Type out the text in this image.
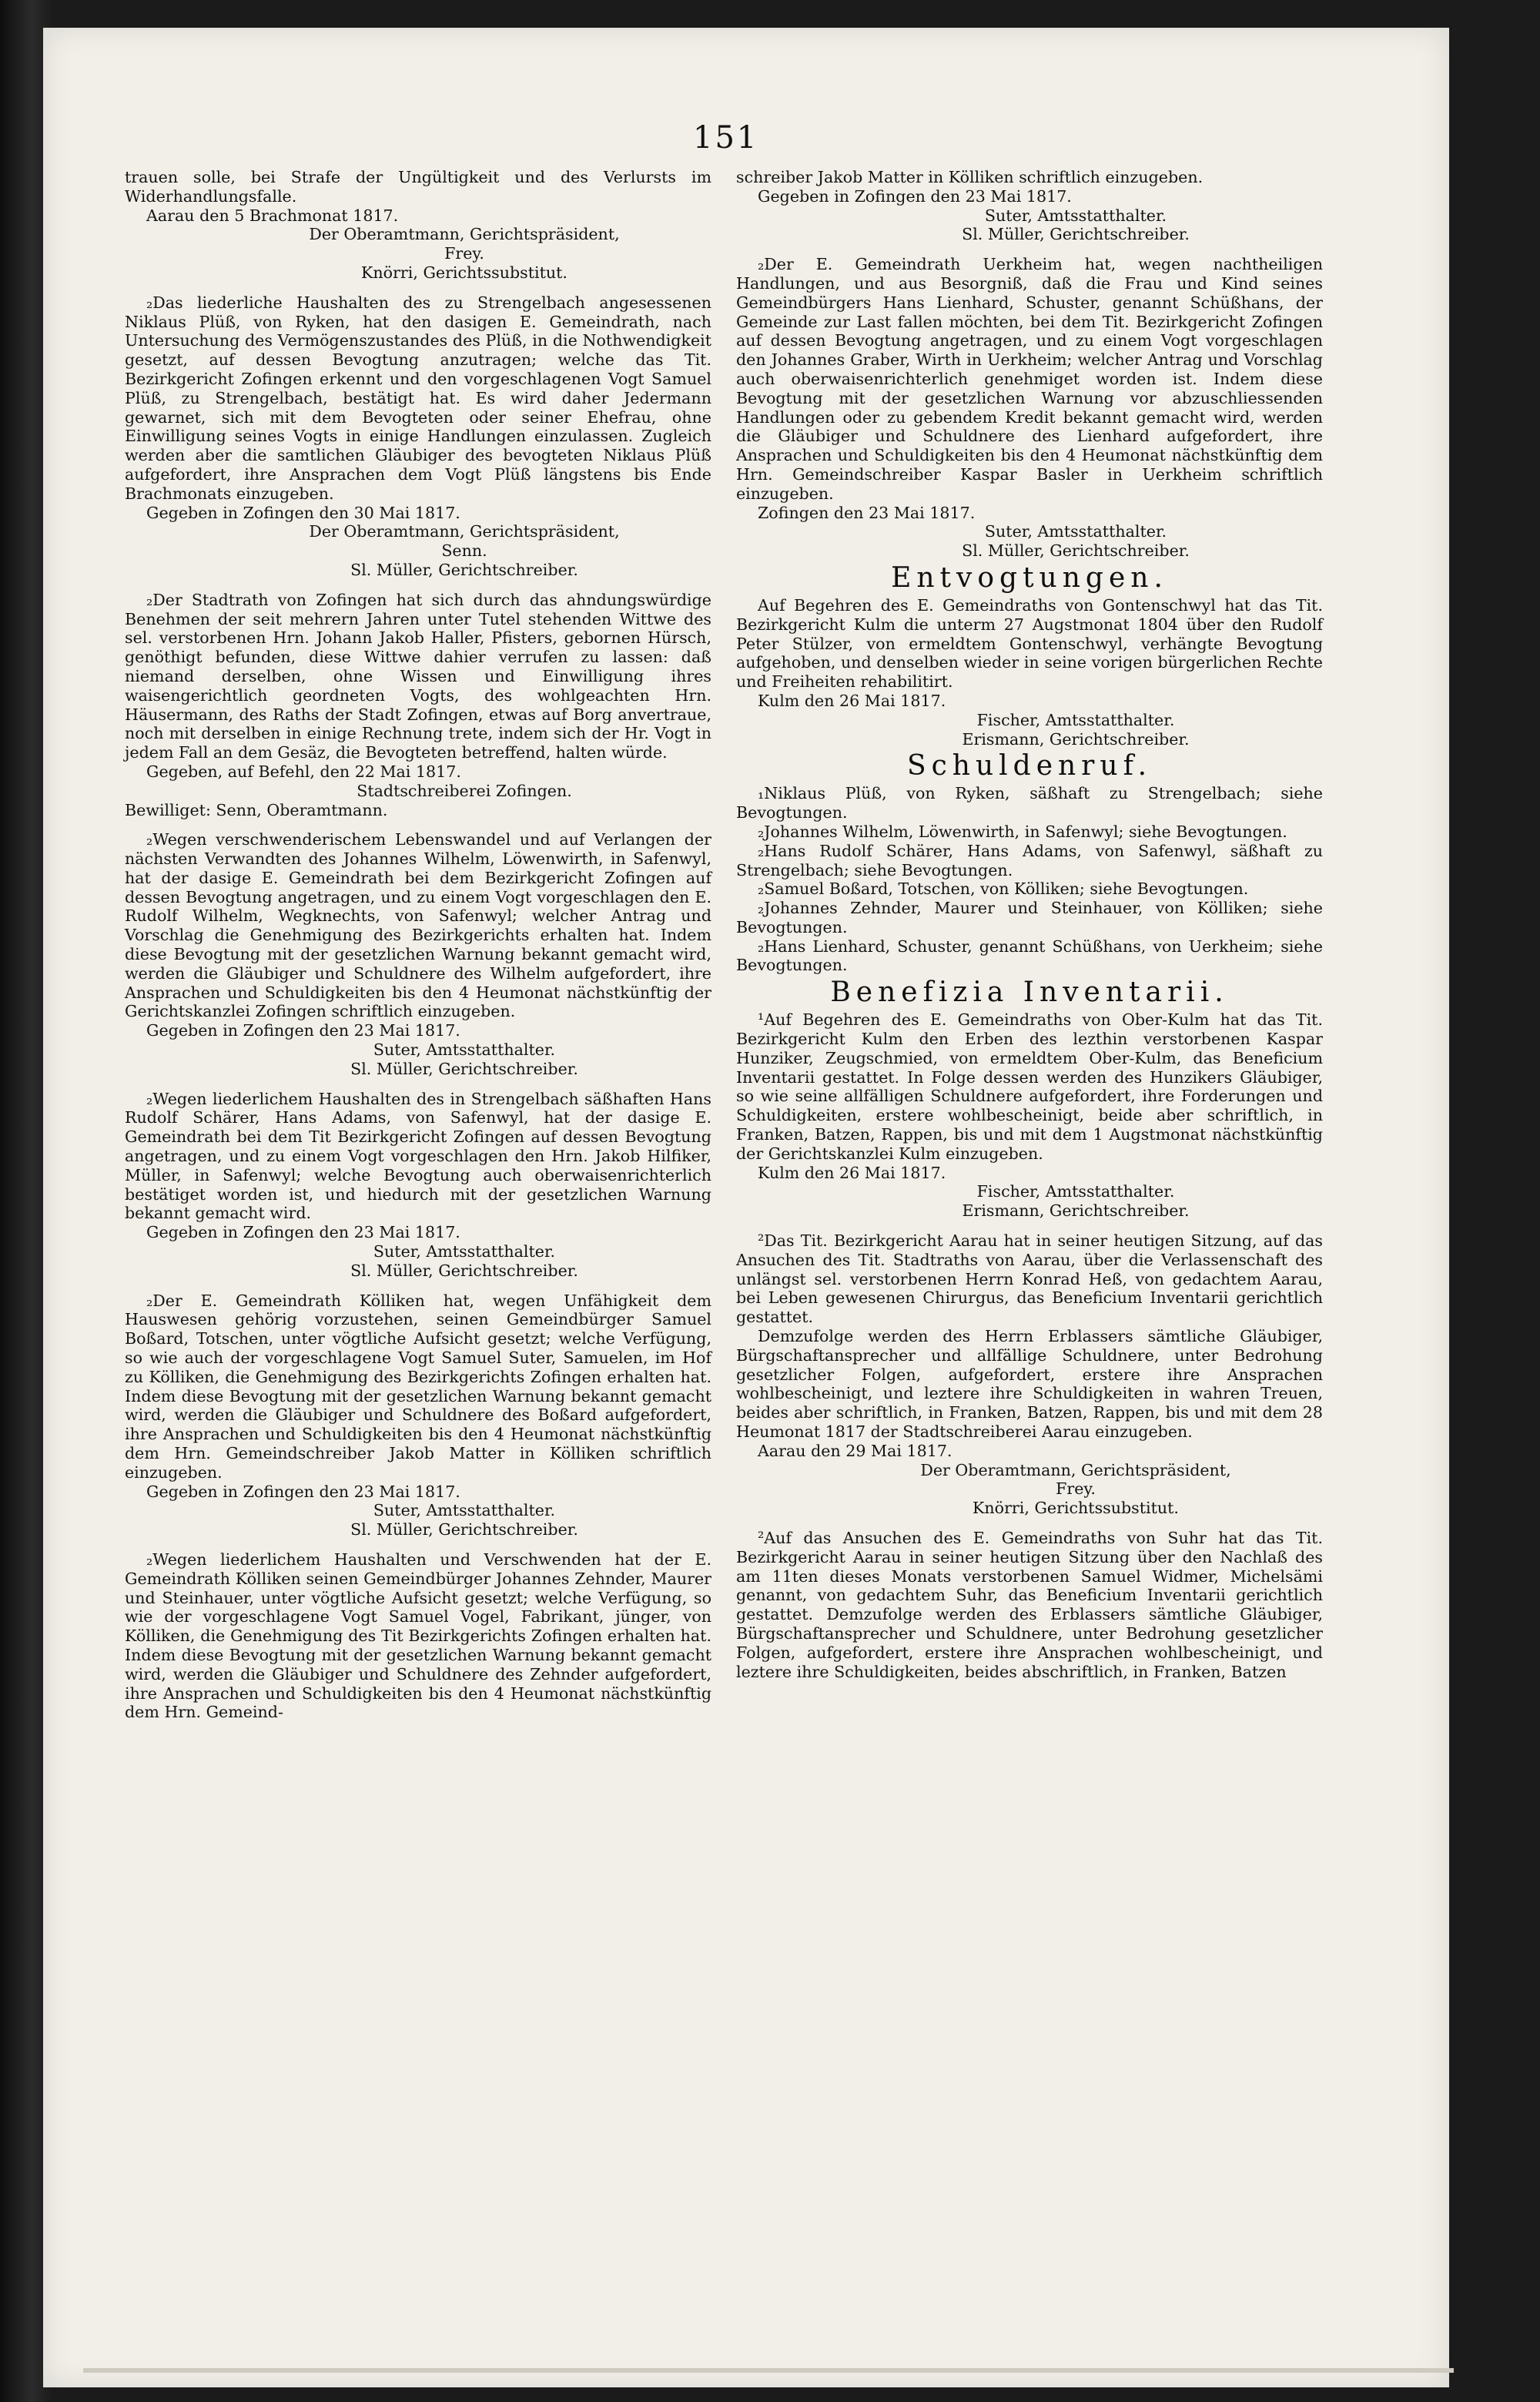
151

trauen solle, bei Strafe der Ungültigkeit und des Verlursts im Widerhandlungsfalle.

Aarau den 5 Brachmonat 1817.

Der Oberamtmann, Gerichtspräsident,

Frey.

Knörri, Gerichtssubstitut.

₂Das liederliche Haushalten des zu Strengelbach angesessenen Niklaus Plüß, von Ryken, hat den dasigen E. Gemeindrath, nach Untersuchung des Vermögenszustandes des Plüß, in die Nothwendigkeit gesetzt, auf dessen Bevogtung anzutragen; welche das Tit. Bezirkgericht Zofingen erkennt und den vorgeschlagenen Vogt Samuel Plüß, zu Strengelbach, bestätigt hat. Es wird daher Jedermann gewarnet, sich mit dem Bevogteten oder seiner Ehefrau, ohne Einwilligung seines Vogts in einige Handlungen einzulassen. Zugleich werden aber die samtlichen Gläubiger des bevogteten Niklaus Plüß aufgefordert, ihre Ansprachen dem Vogt Plüß längstens bis Ende Brachmonats einzugeben.

Gegeben in Zofingen den 30 Mai 1817.

Der Oberamtmann, Gerichtspräsident,

Senn.

Sl. Müller, Gerichtschreiber.

₂Der Stadtrath von Zofingen hat sich durch das ahndungswürdige Benehmen der seit mehrern Jahren unter Tutel stehenden Wittwe des sel. verstorbenen Hrn. Johann Jakob Haller, Pfisters, gebornen Hürsch, genöthigt befunden, diese Wittwe dahier verrufen zu lassen: daß niemand derselben, ohne Wissen und Einwilligung ihres waisengerichtlich geordneten Vogts, des wohlgeachten Hrn. Häusermann, des Raths der Stadt Zofingen, etwas auf Borg anvertraue, noch mit derselben in einige Rechnung trete, indem sich der Hr. Vogt in jedem Fall an dem Gesäz, die Bevogteten betreffend, halten würde.

Gegeben, auf Befehl, den 22 Mai 1817.

Stadtschreiberei Zofingen.

Bewilliget: Senn, Oberamtmann.

₂Wegen verschwenderischem Lebenswandel und auf Verlangen der nächsten Verwandten des Johannes Wilhelm, Löwenwirth, in Safenwyl, hat der dasige E. Gemeindrath bei dem Bezirkgericht Zofingen auf dessen Bevogtung angetragen, und zu einem Vogt vorgeschlagen den E. Rudolf Wilhelm, Wegknechts, von Safenwyl; welcher Antrag und Vorschlag die Genehmigung des Bezirkgerichts erhalten hat. Indem diese Bevogtung mit der gesetzlichen Warnung bekannt gemacht wird, werden die Gläubiger und Schuldnere des Wilhelm aufgefordert, ihre Ansprachen und Schuldigkeiten bis den 4 Heumonat nächstkünftig der Gerichtskanzlei Zofingen schriftlich einzugeben.

Gegeben in Zofingen den 23 Mai 1817.

Suter, Amtsstatthalter.

Sl. Müller, Gerichtschreiber.

₂Wegen liederlichem Haushalten des in Strengelbach säßhaften Hans Rudolf Schärer, Hans Adams, von Safenwyl, hat der dasige E. Gemeindrath bei dem Tit Bezirkgericht Zofingen auf dessen Bevogtung angetragen, und zu einem Vogt vorgeschlagen den Hrn. Jakob Hilfiker, Müller, in Safenwyl; welche Bevogtung auch oberwaisenrichterlich bestätiget worden ist, und hiedurch mit der gesetzlichen Warnung bekannt gemacht wird.

Gegeben in Zofingen den 23 Mai 1817.

Suter, Amtsstatthalter.

Sl. Müller, Gerichtschreiber.

₂Der E. Gemeindrath Kölliken hat, wegen Unfähigkeit dem Hauswesen gehörig vorzustehen, seinen Gemeindbürger Samuel Boßard, Totschen, unter vögtliche Aufsicht gesetzt; welche Verfügung, so wie auch der vorgeschlagene Vogt Samuel Suter, Samuelen, im Hof zu Kölliken, die Genehmigung des Bezirkgerichts Zofingen erhalten hat. Indem diese Bevogtung mit der gesetzlichen Warnung bekannt gemacht wird, werden die Gläubiger und Schuldnere des Boßard aufgefordert, ihre Ansprachen und Schuldigkeiten bis den 4 Heumonat nächstkünftig dem Hrn. Gemeindschreiber Jakob Matter in Kölliken schriftlich einzugeben.

Gegeben in Zofingen den 23 Mai 1817.

Suter, Amtsstatthalter.

Sl. Müller, Gerichtschreiber.

₂Wegen liederlichem Haushalten und Verschwenden hat der E. Gemeindrath Kölliken seinen Gemeindbürger Johannes Zehnder, Maurer und Steinhauer, unter vögtliche Aufsicht gesetzt; welche Verfügung, so wie der vorgeschlagene Vogt Samuel Vogel, Fabrikant, jünger, von Kölliken, die Genehmigung des Tit Bezirkgerichts Zofingen erhalten hat. Indem diese Bevogtung mit der gesetzlichen Warnung bekannt gemacht wird, werden die Gläubiger und Schuldnere des Zehnder aufgefordert, ihre Ansprachen und Schuldigkeiten bis den 4 Heumonat nächstkünftig dem Hrn. Gemeind-

schreiber Jakob Matter in Kölliken schriftlich einzugeben.

Gegeben in Zofingen den 23 Mai 1817.

Suter, Amtsstatthalter.

Sl. Müller, Gerichtschreiber.

₂Der E. Gemeindrath Uerkheim hat, wegen nachtheiligen Handlungen, und aus Besorgniß, daß die Frau und Kind seines Gemeindbürgers Hans Lienhard, Schuster, genannt Schüßhans, der Gemeinde zur Last fallen möchten, bei dem Tit. Bezirkgericht Zofingen auf dessen Bevogtung angetragen, und zu einem Vogt vorgeschlagen den Johannes Graber, Wirth in Uerkheim; welcher Antrag und Vorschlag auch oberwaisenrichterlich genehmiget worden ist. Indem diese Bevogtung mit der gesetzlichen Warnung vor abzuschliessenden Handlungen oder zu gebendem Kredit bekannt gemacht wird, werden die Gläubiger und Schuldnere des Lienhard aufgefordert, ihre Ansprachen und Schuldigkeiten bis den 4 Heumonat nächstkünftig dem Hrn. Gemeindschreiber Kaspar Basler in Uerkheim schriftlich einzugeben.

Zofingen den 23 Mai 1817.

Suter, Amtsstatthalter.

Sl. Müller, Gerichtschreiber.

Entvogtungen.

Auf Begehren des E. Gemeindraths von Gontenschwyl hat das Tit. Bezirkgericht Kulm die unterm 27 Augstmonat 1804 über den Rudolf Peter Stülzer, von ermeldtem Gontenschwyl, verhängte Bevogtung aufgehoben, und denselben wieder in seine vorigen bürgerlichen Rechte und Freiheiten rehabilitirt.

Kulm den 26 Mai 1817.

Fischer, Amtsstatthalter.

Erismann, Gerichtschreiber.

Schuldenruf.

₁Niklaus Plüß, von Ryken, säßhaft zu Strengelbach; siehe Bevogtungen.

₂Johannes Wilhelm, Löwenwirth, in Safenwyl; siehe Bevogtungen.

₂Hans Rudolf Schärer, Hans Adams, von Safenwyl, säßhaft zu Strengelbach; siehe Bevogtungen.

₂Samuel Boßard, Totschen, von Kölliken; siehe Bevogtungen.

₂Johannes Zehnder, Maurer und Steinhauer, von Kölliken; siehe Bevogtungen.

₂Hans Lienhard, Schuster, genannt Schüßhans, von Uerkheim; siehe Bevogtungen.

Benefizia Inventarii.

¹Auf Begehren des E. Gemeindraths von Ober-Kulm hat das Tit. Bezirkgericht Kulm den Erben des lezthin verstorbenen Kaspar Hunziker, Zeugschmied, von ermeldtem Ober-Kulm, das Beneficium Inventarii gestattet. In Folge dessen werden des Hunzikers Gläubiger, so wie seine allfälligen Schuldnere aufgefordert, ihre Forderungen und Schuldigkeiten, erstere wohlbescheinigt, beide aber schriftlich, in Franken, Batzen, Rappen, bis und mit dem 1 Augstmonat nächstkünftig der Gerichtskanzlei Kulm einzugeben.

Kulm den 26 Mai 1817.

Fischer, Amtsstatthalter.

Erismann, Gerichtschreiber.

²Das Tit. Bezirkgericht Aarau hat in seiner heutigen Sitzung, auf das Ansuchen des Tit. Stadtraths von Aarau, über die Verlassenschaft des unlängst sel. verstorbenen Herrn Konrad Heß, von gedachtem Aarau, bei Leben gewesenen Chirurgus, das Beneficium Inventarii gerichtlich gestattet.

Demzufolge werden des Herrn Erblassers sämtliche Gläubiger, Bürgschaftansprecher und allfällige Schuldnere, unter Bedrohung gesetzlicher Folgen, aufgefordert, erstere ihre Ansprachen wohlbescheinigt, und leztere ihre Schuldigkeiten in wahren Treuen, beides aber schriftlich, in Franken, Batzen, Rappen, bis und mit dem 28 Heumonat 1817 der Stadtschreiberei Aarau einzugeben.

Aarau den 29 Mai 1817.

Der Oberamtmann, Gerichtspräsident,

Frey.

Knörri, Gerichtssubstitut.

²Auf das Ansuchen des E. Gemeindraths von Suhr hat das Tit. Bezirkgericht Aarau in seiner heutigen Sitzung über den Nachlaß des am 11ten dieses Monats verstorbenen Samuel Widmer, Michelsämi genannt, von gedachtem Suhr, das Beneficium Inventarii gerichtlich gestattet. Demzufolge werden des Erblassers sämtliche Gläubiger, Bürgschaftansprecher und Schuldnere, unter Bedrohung gesetzlicher Folgen, aufgefordert, erstere ihre Ansprachen wohlbescheinigt, und leztere ihre Schuldigkeiten, beides abschriftlich, in Franken, Batzen
